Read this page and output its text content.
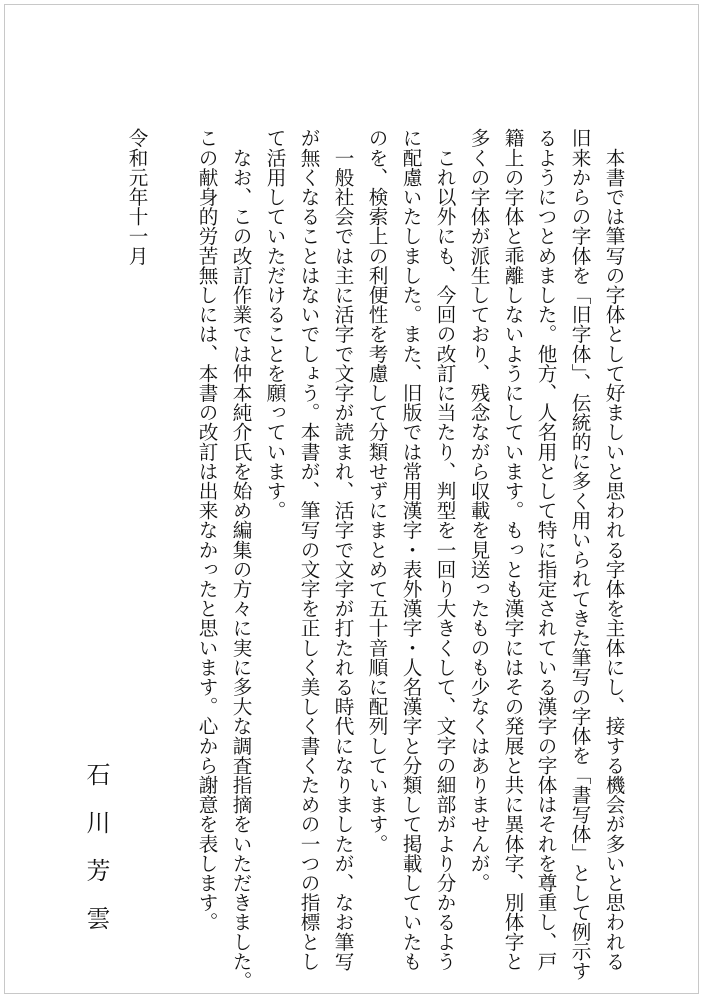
　本書では筆写の字体として好ましいと思われる字体を主体にし、接する機会が多いと思われる
旧来からの字体を「旧字体」、伝統的に多く用いられてきた筆写の字体を「書写体」として例示す
るようにつとめました。他方、人名用として特に指定されている漢字の字体はそれを尊重し、戸
籍上の字体と乖離しないようにしています。もっとも漢字にはその発展と共に異体字、別体字と
多くの字体が派生しており、残念ながら収載を見送ったものも少なくはありませんが。
　これ以外にも、今回の改訂に当たり、判型を一回り大きくして、文字の細部がより分かるよう
に配慮いたしました。また、旧版では常用漢字・表外漢字・人名漢字と分類して掲載していたも
のを、検索上の利便性を考慮して分類せずにまとめて五十音順に配列しています。
　一般社会では主に活字で文字が読まれ、活字で文字が打たれる時代になりましたが、なお筆写
が無くなることはないでしょう。本書が、筆写の文字を正しく美しく書くための一つの指標とし
て活用していただけることを願っています。
　なお、この改訂作業では仲本純介氏を始め編集の方々に実に多大な調査指摘をいただきました。
この献身的労苦無しには、本書の改訂は出来なかったと思います。心から謝意を表します。
令和元年十一月
石川芳雲
